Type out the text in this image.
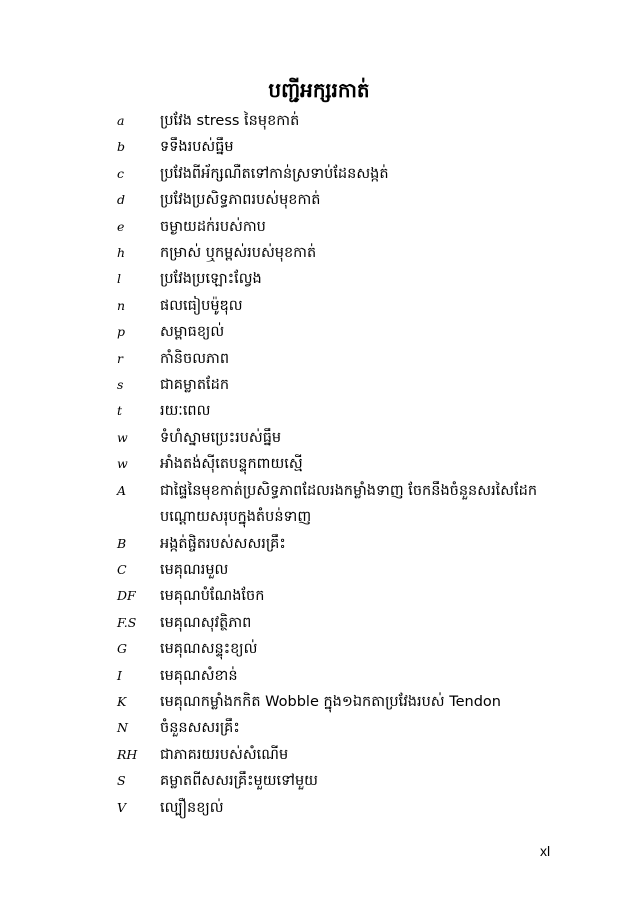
បញ្ជីអក្សរកាត់
a	ប្រវែង stress នៃមុខកាត់
b	ទទឹងរបស់ធ្នឹម
c	ប្រវែងពីអ័ក្សណឺតទៅកាន់ស្រទាប់ដែនសង្កត់
d	ប្រវែងប្រសិទ្ធភាពរបស់មុខកាត់
e	ចម្ងាយដក់របស់កាប
h	កម្រាស់ ឬកម្ពស់របស់មុខកាត់
l	ប្រវែងប្រឡោះល្វែង
n	ផលធៀបម៉ូឌុល
p	សម្ពាធខ្យល់
r	កាំនិចលភាព
s	ជាគម្លាតដែក
t	រយៈពេល
w	ទំហំស្នាមប្រេះរបស់ធ្នឹម
w	អាំងតង់ស៊ីតេបន្ទុកពាយស្មើ
A	ជាផ្ទៃនៃមុខកាត់ប្រសិទ្ធភាពដែលរងកម្លាំងទាញ ចែកនឹងចំនួនសរសៃដែក
បណ្ដោយសរុបក្នុងតំបន់ទាញ
B	អង្កត់ផ្ចិតរបស់សសរគ្រឹះ
C	មេគុណរមួល
DF	មេគុណបំណែងចែក
F.S	មេគុណសុវត្ថិភាព
G	មេគុណសន្ទុះខ្យល់
I	មេគុណសំខាន់
K	មេគុណកម្លាំងកកិត Wobble ក្នុង១ឯកតាប្រវែងរបស់ Tendon
N	ចំនួនសសរគ្រឹះ
RH	ជាភាគរយរបស់សំណើម
S	គម្លាតពីសសរគ្រឹះមួយទៅមួយ
V	ល្បឿនខ្យល់
xl
